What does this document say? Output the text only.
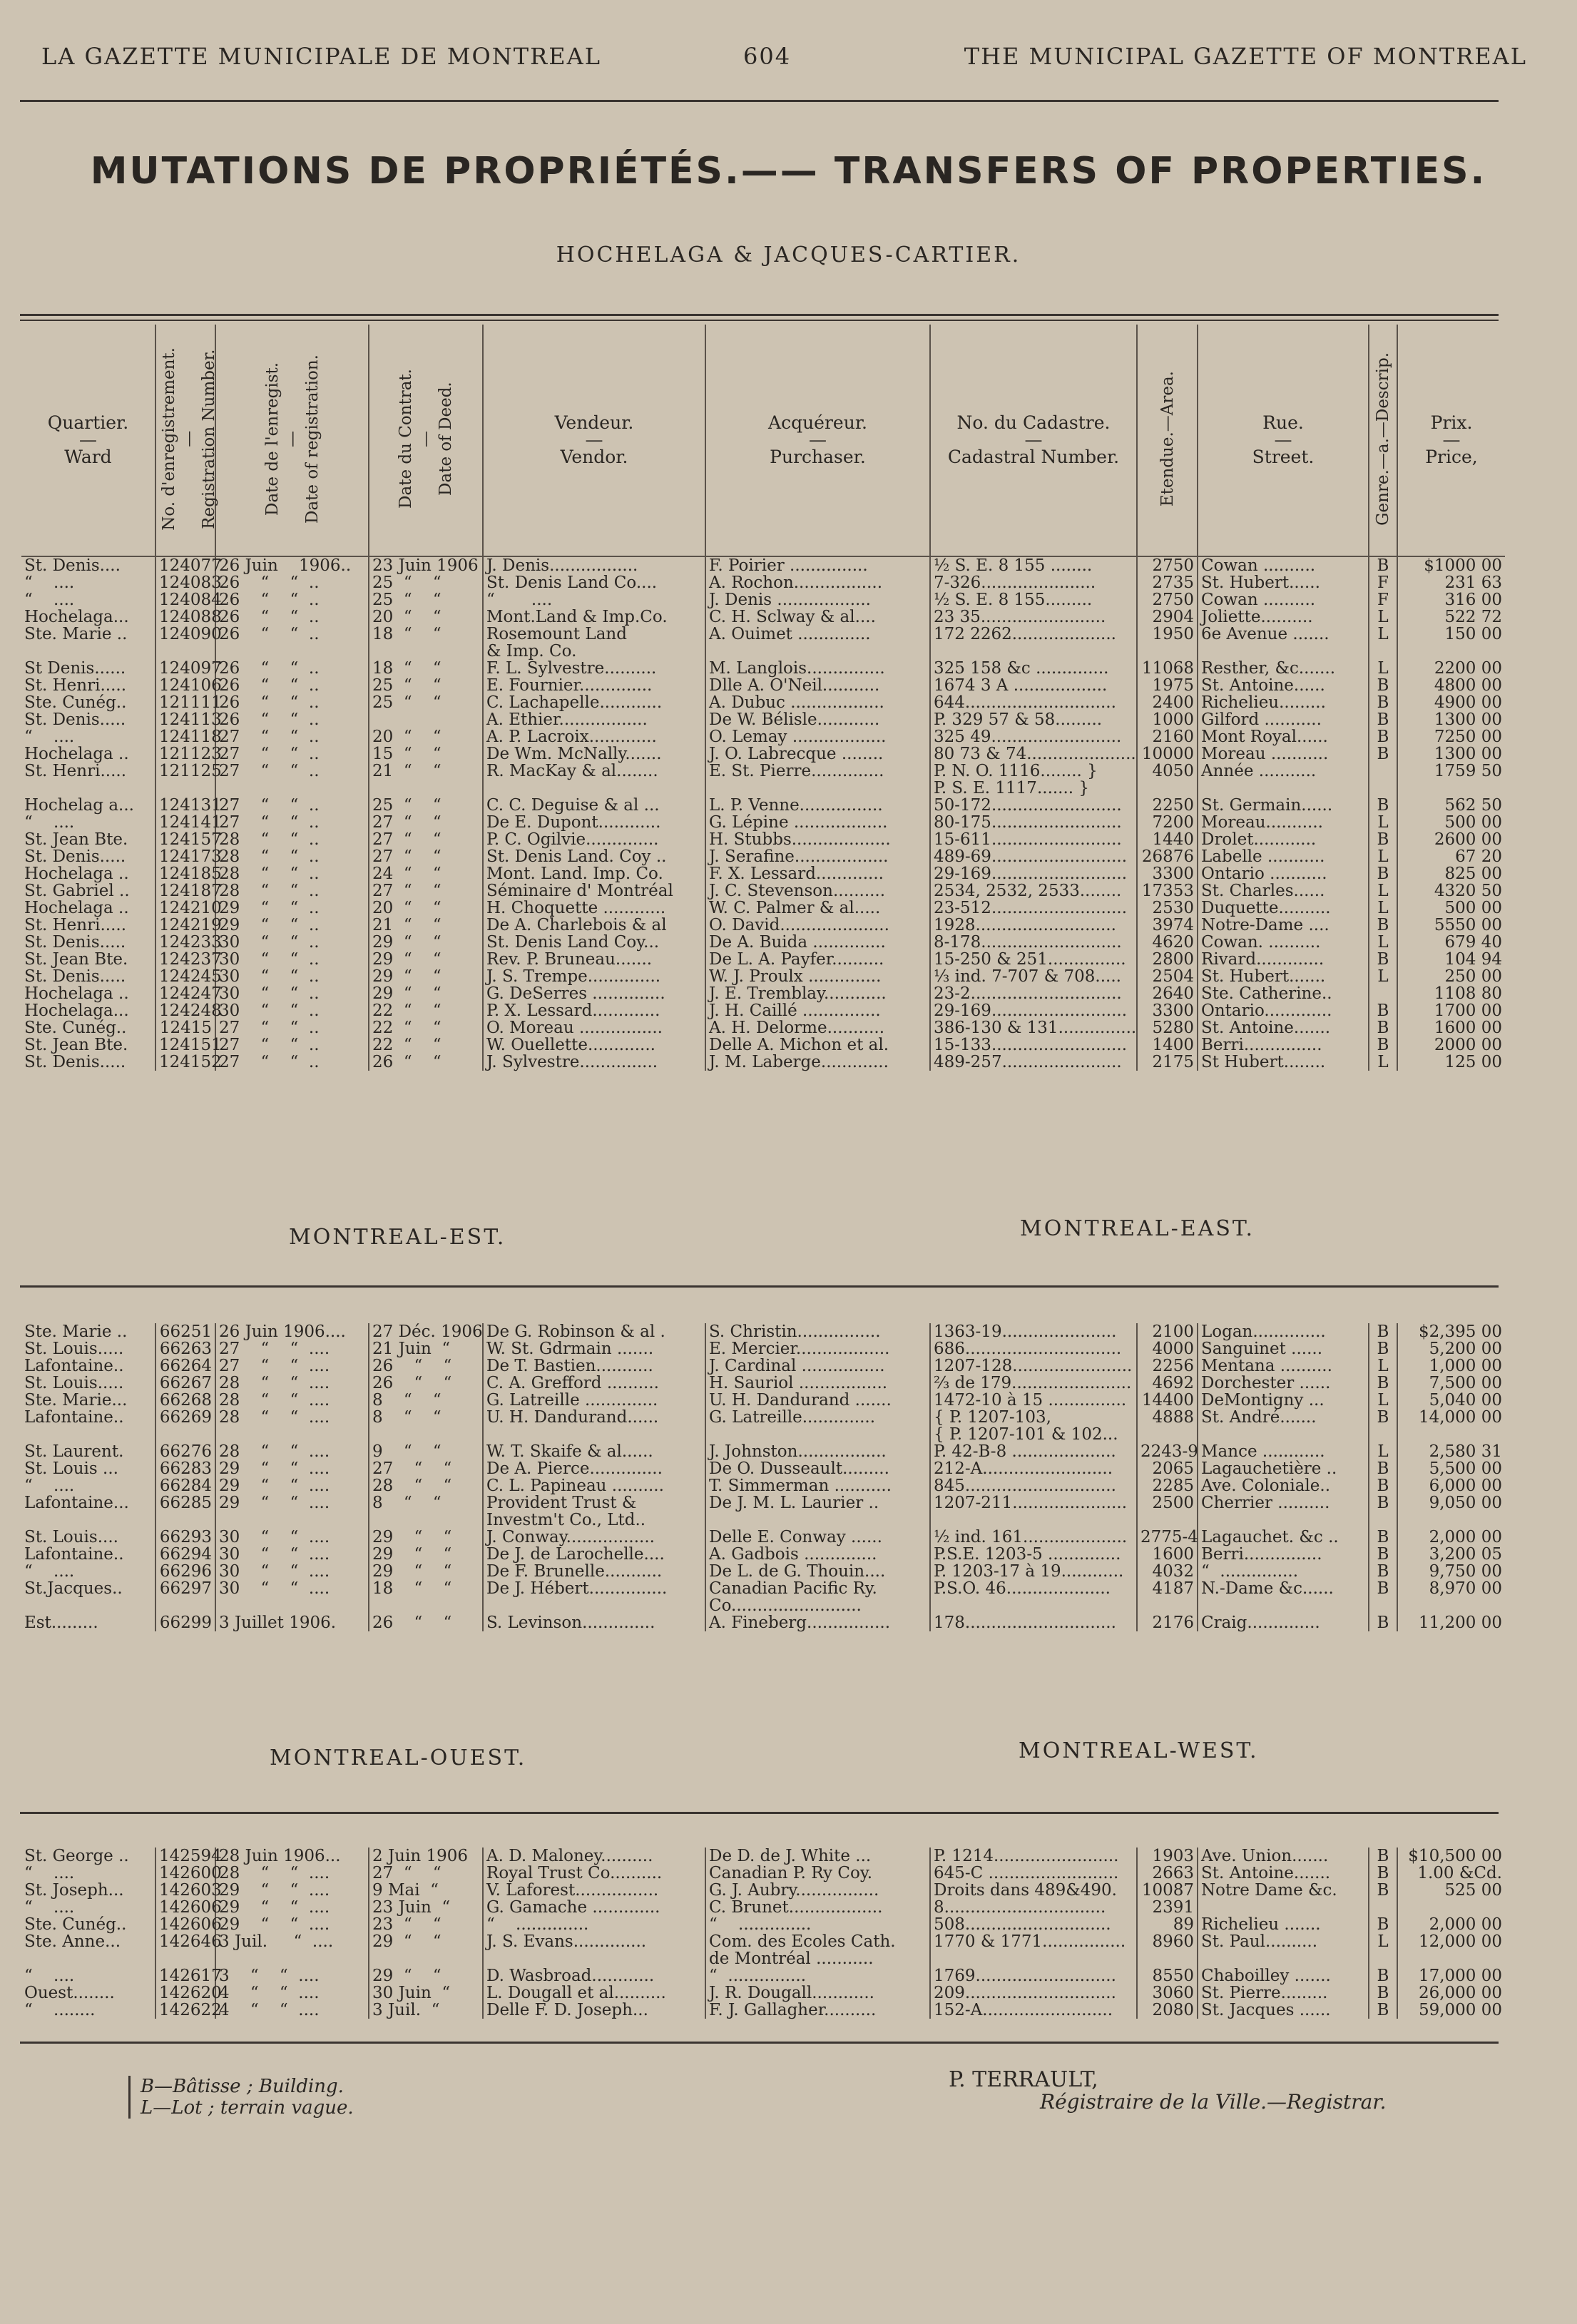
LA GAZETTE MUNICIPALE DE MONTREAL	604	THE MUNICIPAL GAZETTE OF MONTREAL
MUTATIONS DE PROPRIÉTÉS.—— TRANSFERS OF PROPERTIES.
HOCHELAGA & JACQUES-CARTIER.
Quartier.
—
Ward	No. d'enregistrement.
—
Registration Number.	Date de l'enregist.
—
Date of registration.	Date du Contrat.
—
Date of Deed.	Vendeur.
—
Vendor.	Acquéreur.
—
Purchaser.	No. du Cadastre.
—
Cadastral Number.	Etendue.—Area.	Rue.
—
Street.	Genre.—a.—Descrip.	Prix.
—
Price,
St. Denis....	124077	26 Juin    1906..	23 Juin 1906	J. Denis.................	F. Poirier ...............	½ S. E. 8 155 ........	2750	Cowan ..........	B	$1000 00
“    ....	124083	26    “    “  ..	25  “    “	St. Denis Land Co....	A. Rochon.................	7-326......................	2735	St. Hubert......	F	231 63
“    ....	124084	26    “    “  ..	25  “    “	“       ....	J. Denis ..................	½ S. E. 8 155.........	2750	Cowan ..........	F	316 00
Hochelaga...	124088	26    “    “  ..	20  “    “	Mont.Land & Imp.Co.	C. H. Sclway & al....	23 35........................	2904	Joliette..........	L	522 72
Ste. Marie ..	124090	26    “    “  ..	18  “    “	Rosemount Land
& Imp. Co.	A. Ouimet ..............	172 2262....................	1950	6e Avenue .......	L	150 00
St Denis......	124097	26    “    “  ..	18  “    “	F. L. Sylvestre..........	M. Langlois...............	325 158 &c ..............	11068	Resther, &c.......	L	2200 00
St. Henri.....	124106	26    “    “  ..	25  “    “	E. Fournier..............	Dlle A. O'Neil...........	1674 3 A ..................	1975	St. Antoine......	B	4800 00
Ste. Cunég..	121111	26    “    “  ..	25  “    “	C. Lachapelle............	A. Dubuc ..................	644.............................	2400	Richelieu.........	B	4900 00
St. Denis.....	124113	26    “    “  ..		A. Ethier.................	De W. Bélisle............	P. 329 57 & 58.........	1000	Gilford ...........	B	1300 00
“    ....	124118	27    “    “  ..	20  “    “	A. P. Lacroix.............	O. Lemay ..................	325 49.........................	2160	Mont Royal......	B	7250 00
Hochelaga ..	121123	27    “    “  ..	15  “    “	De Wm. McNally.......	J. O. Labrecque ........	80 73 & 74.....................	10000	Moreau ...........	B	1300 00
St. Henri.....	121125	27    “    “  ..	21  “    “	R. MacKay & al........	E. St. Pierre..............	P. N. O. 1116........ }
P. S. E. 1117....... }	4050	Année ...........		1759 50
Hochelag a...	124131	27    “    “  ..	25  “    “	C. C. Deguise & al ...	L. P. Venne................	50-172.........................	2250	St. Germain......	B	562 50
“    ....	124141	27    “    “  ..	27  “    “	De E. Dupont............	G. Lépine ..................	80-175.........................	7200	Moreau...........	L	500 00
St. Jean Bte.	124157	28    “    “  ..	27  “    “	P. C. Ogilvie..............	H. Stubbs...................	15-611.........................	1440	Drolet............	B	2600 00
St. Denis.....	124173	28    “    “  ..	27  “    “	St. Denis Land. Coy ..	J. Serafine..................	489-69..........................	26876	Labelle ...........	L	67 20
Hochelaga ..	124185	28    “    “  ..	24  “    “	Mont. Land. Imp. Co.	F. X. Lessard.............	29-169..........................	3300	Ontario ...........	B	825 00
St. Gabriel ..	124187	28    “    “  ..	27  “    “	Séminaire d' Montréal	J. C. Stevenson..........	2534, 2532, 2533........	17353	St. Charles......	L	4320 50
Hochelaga ..	124210	29    “    “  ..	20  “    “	H. Choquette ............	W. C. Palmer & al.....	23-512..........................	2530	Duquette..........	L	500 00
St. Henri.....	124219	29    “    “  ..	21  “    “	De A. Charlebois & al	O. David.....................	1928...........................	3974	Notre-Dame ....	B	5550 00
St. Denis.....	124233	30    “    “  ..	29  “    “	St. Denis Land Coy...	De A. Buida ..............	8-178...........................	4620	Cowan. ..........	L	679 40
St. Jean Bte.	124237	30    “    “  ..	29  “    “	Rev. P. Bruneau.......	De L. A. Payfer..........	15-250 & 251...............	2800	Rivard.............	B	104 94
St. Denis.....	124245	30    “    “  ..	29  “    “	J. S. Trempe..............	W. J. Proulx ..............	⅓ ind. 7-707 & 708.....	2504	St. Hubert.......	L	250 00
Hochelaga ..	124247	30    “    “  ..	29  “    “	G. DeSerres ..............	J. E. Tremblay............	23-2.............................	2640	Ste. Catherine..		1108 80
Hochelaga...	124248	30    “    “  ..	22  “    “	P. X. Lessard.............	J. H. Caillé ...............	29-169..........................	3300	Ontario.............	B	1700 00
Ste. Cunég..	12415	27    “    “  ..	22  “    “	O. Moreau ................	A. H. Delorme...........	386-130 & 131...............	5280	St. Antoine.......	B	1600 00
St. Jean Bte.	124151	27    “    “  ..	22  “    “	W. Ouellette.............	Delle A. Michon et al.	15-133..........................	1400	Berri...............	B	2000 00
St. Denis.....	124152	27    “    “  ..	26  “    “	J. Sylvestre...............	J. M. Laberge.............	489-257.......................	2175	St Hubert........	L	125 00
MONTREAL-EST.	MONTREAL-EAST.
Ste. Marie ..	66251	26 Juin 1906....	27 Déc. 1906	De G. Robinson & al .	S. Christin................	1363-19......................	2100	Logan..............	B	$2,395 00
St. Louis.....	66263	27    “    “  ....	21 Juin  “	W. St. Gdrmain .......	E. Mercier..................	686..............................	4000	Sanguinet ......	B	5,200 00
Lafontaine..	66264	27    “    “  ....	26    “    “	De T. Bastien...........	J. Cardinal ................	1207-128.......................	2256	Mentana ..........	L	1,000 00
St. Louis.....	66267	28    “    “  ....	26    “    “	C. A. Grefford ..........	H. Sauriol .................	⅔ de 179.......................	4692	Dorchester ......	B	7,500 00
Ste. Marie...	66268	28    “    “  ....	8    “    “	G. Latreille ..............	U. H. Dandurand .......	1472-10 à 15 ...............	14400	DeMontigny ...	L	5,040 00
Lafontaine..	66269	28    “    “  ....	8    “    “	U. H. Dandurand......	G. Latreille..............	{ P. 1207-103,
{ P. 1207-101 & 102...	4888	St. André.......	B	14,000 00
St. Laurent.	66276	28    “    “  ....	9    “    “	W. T. Skaife & al......	J. Johnston.................	P. 42-B-8 ....................	2243-9	Mance ............	L	2,580 31
St. Louis ...	66283	29    “    “  ....	27    “    “	De A. Pierce..............	De O. Dusseault.........	212-A.........................	2065	Lagauchetière ..	B	5,500 00
“    ....	66284	29    “    “  ....	28    “    “	C. L. Papineau ..........	T. Simmerman ...........	845.............................	2285	Ave. Coloniale..	B	6,000 00
Lafontaine...	66285	29    “    “  ....	8    “    “	Provident Trust &
Investm't Co., Ltd..	De J. M. L. Laurier ..	1207-211......................	2500	Cherrier ..........	B	9,050 00
St. Louis....	66293	30    “    “  ....	29    “    “	J. Conway.................	Delle E. Conway ......	½ ind. 161....................	2775-4	Lagauchet. &c ..	B	2,000 00
Lafontaine..	66294	30    “    “  ....	29    “    “	De J. de Larochelle....	A. Gadbois ..............	P.S.E. 1203-5 ..............	1600	Berri...............	B	3,200 05
“    ....	66296	30    “    “  ....	29    “    “	De F. Brunelle...........	De L. de G. Thouin....	P. 1203-17 à 19............	4032	“  ...............	B	9,750 00
St.Jacques..	66297	30    “    “  ....	18    “    “	De J. Hébert...............	Canadian Pacific Ry.
Co.........................	P.S.O. 46....................	4187	N.-Dame &c......	B	8,970 00
Est.........	66299	3 Juillet 1906.	26    “    “	S. Levinson..............	A. Fineberg................	178.............................	2176	Craig..............	B	11,200 00
MONTREAL-OUEST.	MONTREAL-WEST.
St. George ..	142594	28 Juin 1906...	2 Juin 1906	A. D. Maloney..........	De D. de J. White ...	P. 1214........................	1903	Ave. Union.......	B	$10,500 00
“    ....	142600	28    “    “  ....	27  “    “	Royal Trust Co..........	Canadian P. Ry Coy.	645-C .........................	2663	St. Antoine.......	B	1.00 &Cd.
St. Joseph...	142603	29    “    “  ....	9 Mai  “	V. Laforest................	G. J. Aubry................	Droits dans 489&490.	10087	Notre Dame &c.	B	525 00
“    ....	142606	29    “    “  ....	23 Juin  “	G. Gamache .............	C. Brunet..................	8...............................	2391			
Ste. Cunég..	142606	29    “    “  ....	23  “    “	“    ..............	“    ..............	508............................	89	Richelieu .......	B	2,000 00
Ste. Anne...	142646	3 Juil.     “  ....	29  “    “	J. S. Evans..............	Com. des Ecoles Cath.
de Montréal ...........	1770 & 1771................	8960	St. Paul..........	L	12,000 00
“    ....	142617	3    “    “  ....	29  “    “	D. Wasbroad............	“  ...............	1769...........................	8550	Chaboilley .......	B	17,000 00
Ouest........	142620	4    “    “  ....	30 Juin  “	L. Dougall et al..........	J. R. Dougall............	209.............................	3060	St. Pierre.........	B	26,000 00
“    ........	142622	4    “    “  ....	3 Juil.  “	Delle F. D. Joseph...	F. J. Gallagher..........	152-A.........................	2080	St. Jacques ......	B	59,000 00
B—Bâtisse ; Building.
L—Lot ; terrain vague.
P. TERRAULT,
Régistraire de la Ville.—Registrar.
